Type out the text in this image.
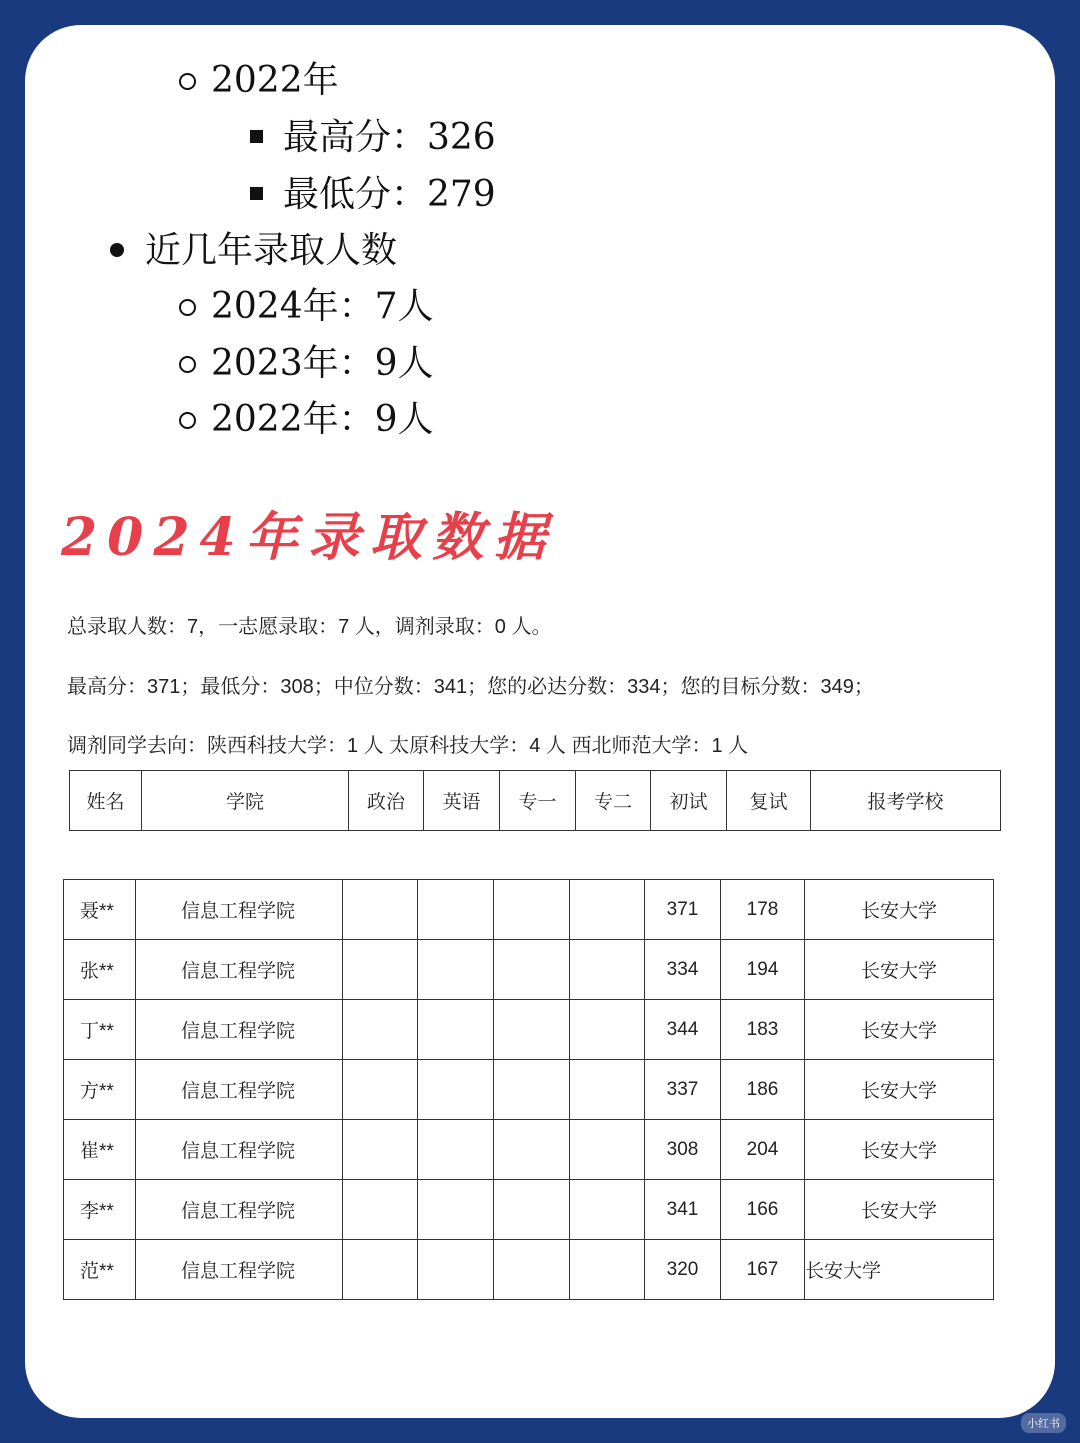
2022年
最高分：326
最低分：279
近几年录取人数
2024年：7人
2023年：9人
2022年：9人
2024年录取数据
总录取人数：7，一志愿录取：7 人，调剂录取：0 人。
最高分：371；最低分：308；中位分数：341；您的必达分数：334；您的目标分数：349；
调剂同学去向：陕西科技大学：1 人 太原科技大学：4 人 西北师范大学：1 人
姓名	学院	政治	英语	专一	专二	初试	复试	报考学校
聂**	信息工程学院					371	178	长安大学
张**	信息工程学院					334	194	长安大学
丁**	信息工程学院					344	183	长安大学
方**	信息工程学院					337	186	长安大学
崔**	信息工程学院					308	204	长安大学
李**	信息工程学院					341	166	长安大学
范**	信息工程学院					320	167	长安大学
小红书
